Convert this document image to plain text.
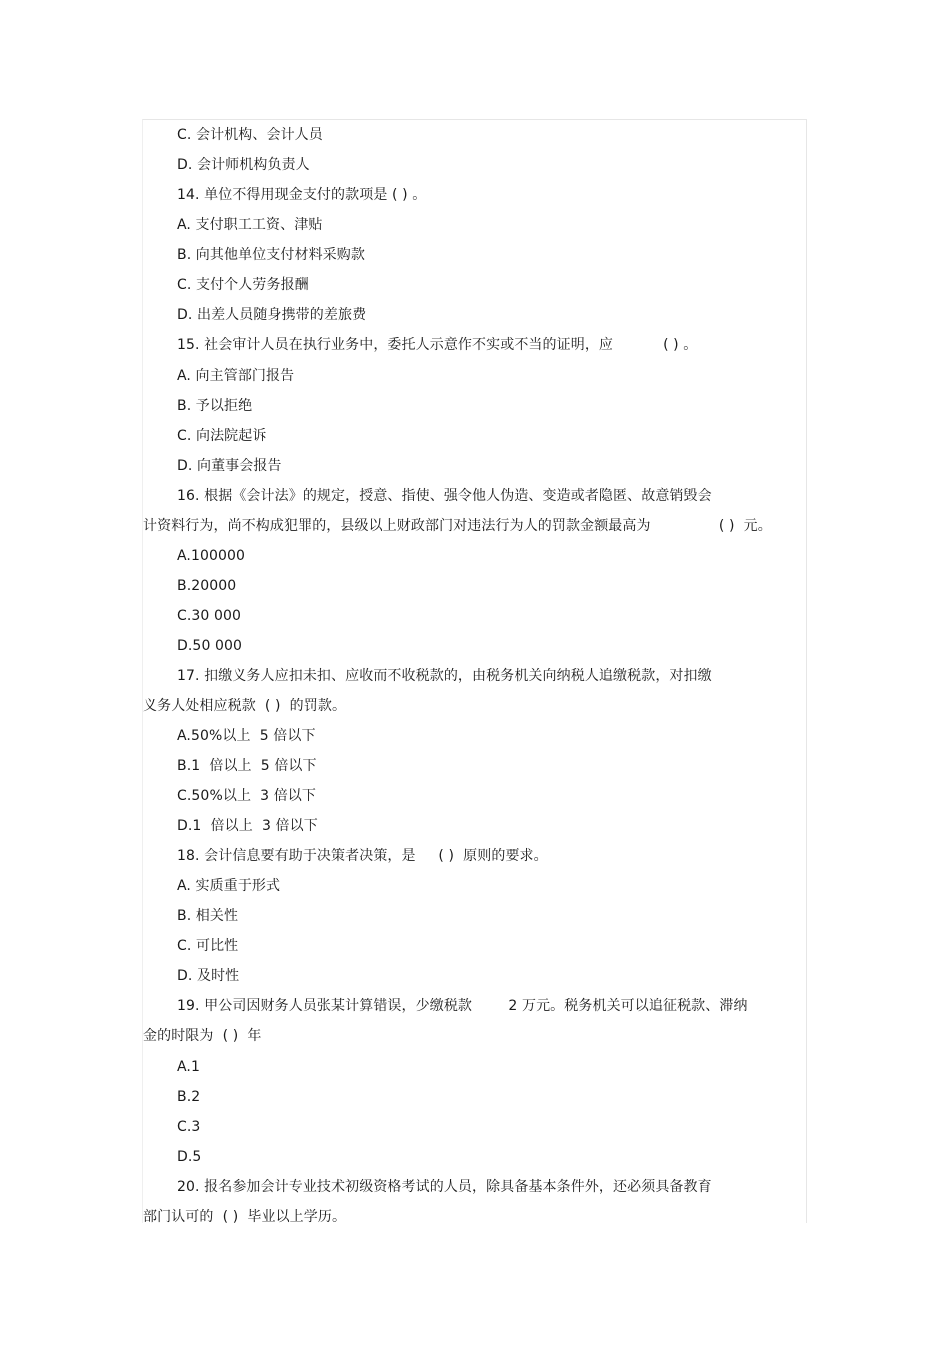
C. 会计机构、会计人员
D. 会计师机构负责人
14. 单位不得用现金支付的款项是 ( ) 。
A. 支付职工工资、津贴
B. 向其他单位支付材料采购款
C. 支付个人劳务报酬
D. 出差人员随身携带的差旅费
15. 社会审计人员在执行业务中，委托人示意作不实或不当的证明，应           ( ) 。
A. 向主管部门报告
B. 予以拒绝
C. 向法院起诉
D. 向董事会报告
16. 根据《会计法》的规定，授意、指使、强令他人伪造、变造或者隐匿、故意销毁会
计资料行为，尚不构成犯罪的，县级以上财政部门对违法行为人的罚款金额最高为               ( )  元。
A.100000
B.20000
C.30 000
D.50 000
17. 扣缴义务人应扣未扣、应收而不收税款的，由税务机关向纳税人追缴税款，对扣缴
义务人处相应税款  ( )  的罚款。
A.50%以上  5 倍以下
B.1  倍以上  5 倍以下
C.50%以上  3 倍以下
D.1  倍以上  3 倍以下
18. 会计信息要有助于决策者决策，是     ( )  原则的要求。
A. 实质重于形式
B. 相关性
C. 可比性
D. 及时性
19. 甲公司因财务人员张某计算错误，少缴税款        2 万元。税务机关可以追征税款、滞纳
金的时限为  ( )  年
A.1
B.2
C.3
D.5
20. 报名参加会计专业技术初级资格考试的人员，除具备基本条件外，还必须具备教育
部门认可的  ( )  毕业以上学历。
